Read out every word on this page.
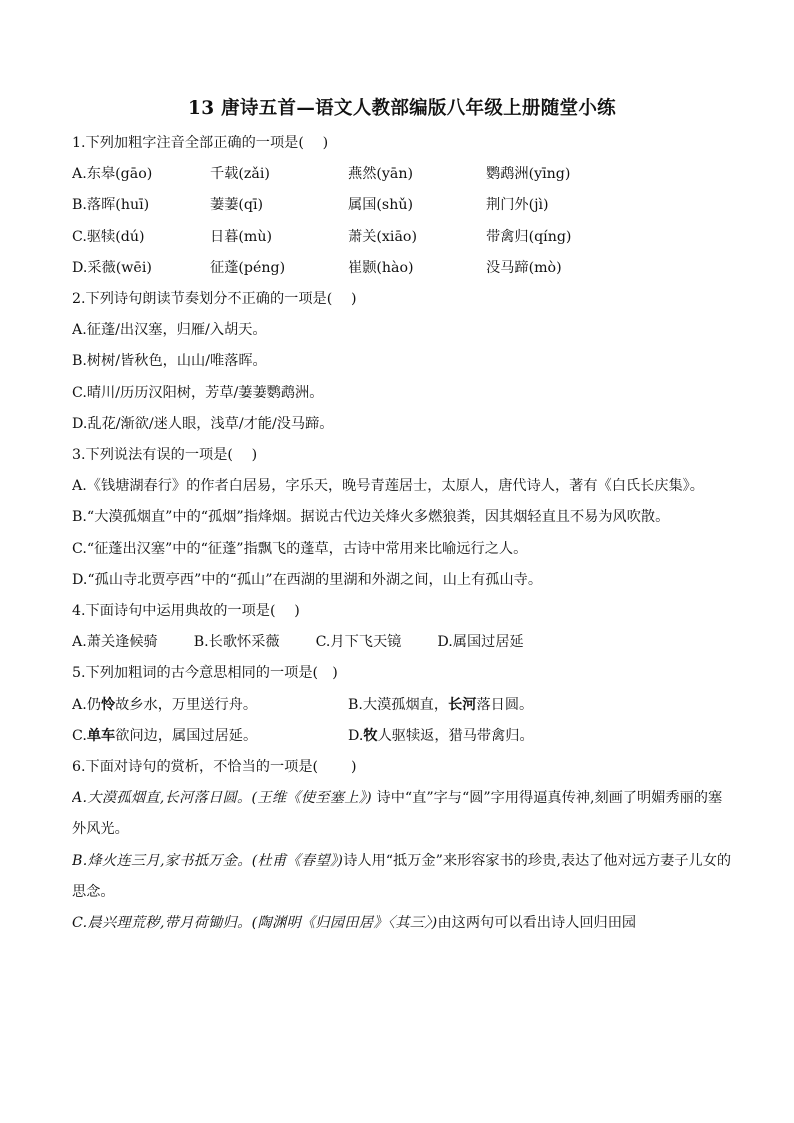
13 唐诗五首—语文人教部编版八年级上册随堂小练
1.下列加粗字注音全部正确的一项是(　 )
A.东皋(gāo)	千载(zǎi)	燕然(yān)	鹦鹉洲(yīng)
B.落晖(huī)	萋萋(qī)	属国(shǔ)	荆门外(jì)
C.驱犊(dú)	日暮(mù)	萧关(xiāo)	带禽归(qíng)
D.采薇(wēi)	征蓬(péng)	崔颢(hào)	没马蹄(mò)
2.下列诗句朗读节奏划分不正确的一项是(　 )
A.征蓬/出汉塞，归雁/入胡天。
B.树树/皆秋色，山山/唯落晖。
C.晴川/历历汉阳树，芳草/萋萋鹦鹉洲。
D.乱花/渐欲/迷人眼，浅草/才能/没马蹄。
3.下列说法有误的一项是(　 )
A.《钱塘湖春行》的作者白居易，字乐天，晚号青莲居士，太原人，唐代诗人，著有《白氏长庆集》。
B.“大漠孤烟直”中的“孤烟”指烽烟。据说古代边关烽火多燃狼粪，因其烟轻直且不易为风吹散。
C.“征蓬出汉塞”中的“征蓬”指飘飞的蓬草，古诗中常用来比喻远行之人。
D.“孤山寺北贾亭西”中的“孤山”在西湖的里湖和外湖之间，山上有孤山寺。
4.下面诗句中运用典故的一项是(　 )
A.萧关逢候骑	B.长歌怀采薇	C.月下飞天镜	D.属国过居延
5.下列加粗词的古今意思相同的一项是(　)
A.仍怜故乡水，万里送行舟。	B.大漠孤烟直，长河落日圆。
C.单车欲问边，属国过居延。	D.牧人驱犊返，猎马带禽归。
6.下面对诗句的赏析，不恰当的一项是(　　 )
A.大漠孤烟直,长河落日圆。(王维《使至塞上》) 诗中“直”字与“圆”字用得逼真传神,刻画了明媚秀丽的塞外风光。
B.烽火连三月,家书抵万金。(杜甫《春望》)诗人用“抵万金”来形容家书的珍贵,表达了他对远方妻子儿女的思念。
C.晨兴理荒秽,带月荷锄归。(陶渊明《归园田居》〈其三〉)由这两句可以看出诗人回归田园
